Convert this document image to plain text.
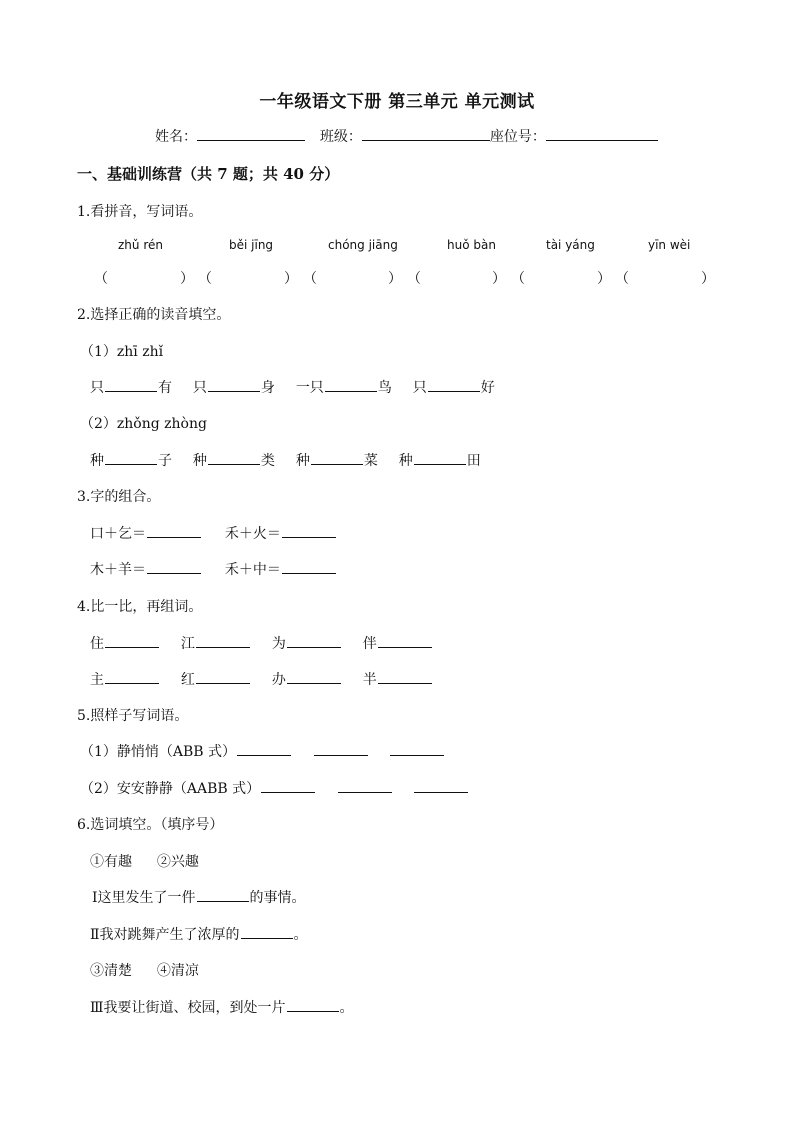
一年级语文下册 第三单元 单元测试
姓名：	班级：	座位号：
一、基础训练营（共 7 题；共 40 分）
1.看拼音，写词语。
zhǔ rén	běi jīng	chóng jiāng	huǒ bàn	tài yáng	yīn wèi
（	） （	） （	） （	） （	） （	）
2.选择正确的读音填空。
（1）zhī zhǐ
只	有 只	身 一只	鸟 只	好
（2）zhǒng zhòng
种	子 种	类 种	菜 种	田
3.字的组合。
口＋乞＝	禾＋火＝
木＋羊＝	禾＋中＝
4.比一比，再组词。
住	江	为	伴
主	红	办	半
5.照样子写词语。
（1）静悄悄（ABB 式）
（2）安安静静（AABB 式）
6.选词填空。（填序号）
①有趣 ②兴趣
Ⅰ这里发生了一件	的事情。
Ⅱ我对跳舞产生了浓厚的	。
③清楚 ④清凉
Ⅲ我要让街道、校园，到处一片	。
